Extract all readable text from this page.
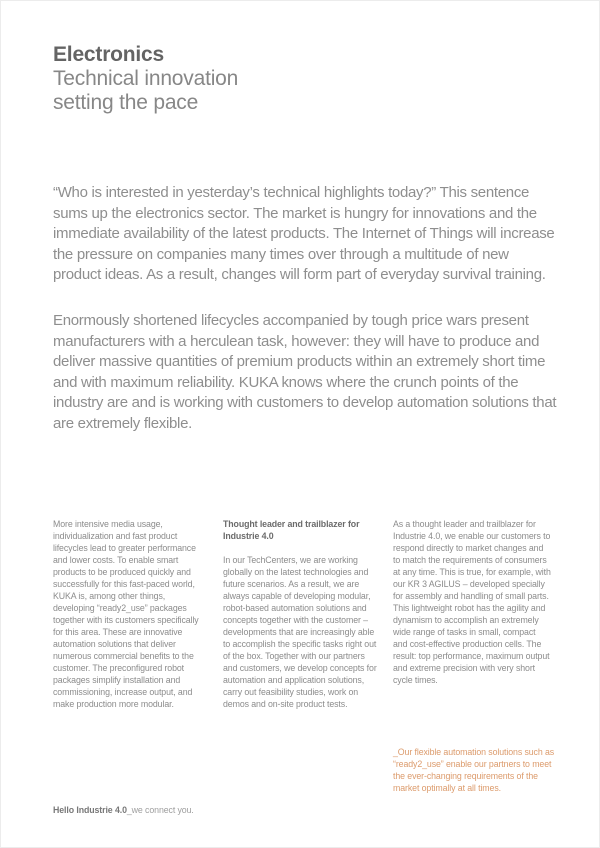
Electronics
Technical innovation
setting the pace

“Who is interested in yesterday’s technical highlights today?” This sentence sums up the electronics sector. The market is hungry for innovations and the immediate availability of the latest products. The Internet of Things will increase the pressure on companies many times over through a multitude of new product ideas. As a result, changes will form part of everyday survival training.

Enormously shortened lifecycles accompanied by tough price wars present manufacturers with a herculean task, however: they will have to produce and deliver massive quantities of premium products within an extremely short time and with maximum reliability. KUKA knows where the crunch points of the industry are and is working with customers to develop automation solutions that are extremely flexible.

More intensive media usage, individualization and fast product lifecycles lead to greater performance and lower costs. To enable smart products to be produced quickly and successfully for this fast-paced world, KUKA is, among other things, developing “ready2_use” packages together with its customers specifically for this area. These are innovative automation solutions that deliver numerous commercial benefits to the customer. The preconfigured robot packages simplify installation and commissioning, increase output, and make production more modular.
Thought leader and trailblazer for Industrie 4.0
In our TechCenters, we are working globally on the latest technologies and future scenarios. As a result, we are always capable of developing modular, robot-based automation solutions and concepts together with the customer – developments that are increasingly able to accomplish the specific tasks right out of the box. Together with our partners and customers, we develop concepts for automation and application solutions, carry out feasibility studies, work on demos and on-site product tests.
As a thought leader and trailblazer for Industrie 4.0, we enable our customers to respond directly to market changes and to match the requirements of consumers at any time. This is true, for example, with our KR 3 AGILUS – developed specially for assembly and handling of small parts. This lightweight robot has the agility and dynamism to accomplish an extremely wide range of tasks in small, compact and cost-effective production cells. The result: top performance, maximum output and extreme precision with very short cycle times.
_Our flexible automation solutions such as “ready2_use” enable our partners to meet the ever-changing requirements of the market optimally at all times.
Hello Industrie 4.0_we connect you.
